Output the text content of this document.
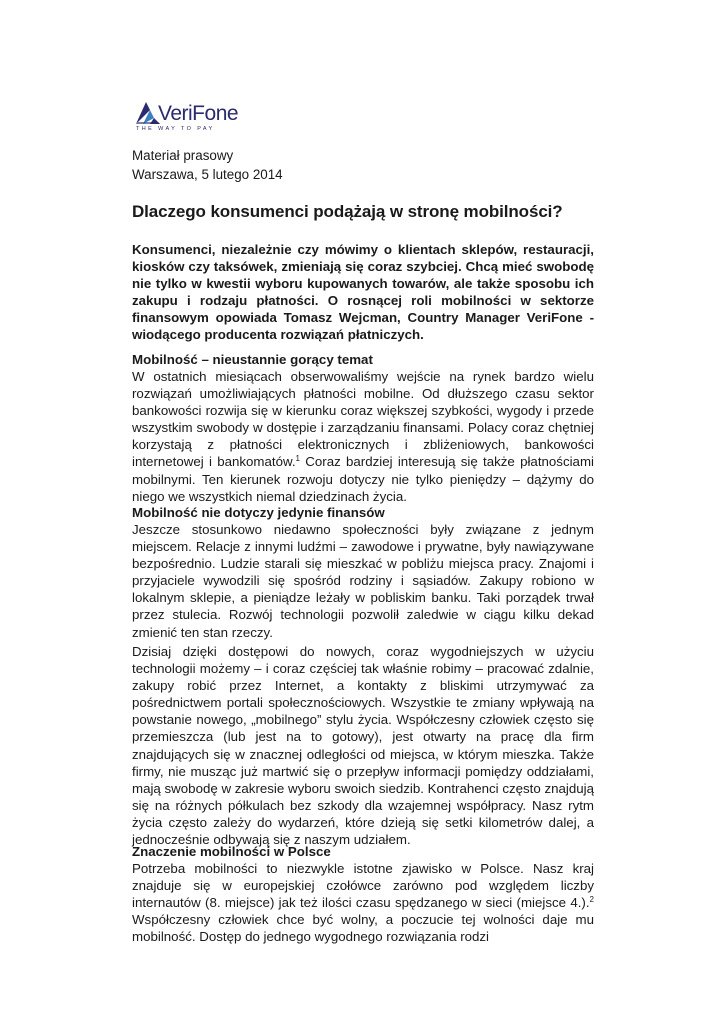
VeriFone
THE WAY TO PAY
Materiał prasowy
Warszawa, 5 lutego 2014
Dlaczego konsumenci podążają w stronę mobilności?

Konsumenci, niezależnie czy mówimy o klientach sklepów, restauracji, kiosków czy taksówek, zmieniają się coraz szybciej. Chcą mieć swobodę nie tylko w kwestii wyboru kupowanych towarów, ale także sposobu ich zakupu i rodzaju płatności. O rosnącej roli mobilności w sektorze finansowym opowiada Tomasz Wejcman, Country Manager VeriFone - wiodącego producenta rozwiązań płatniczych.

Mobilność – nieustannie gorący temat

W ostatnich miesiącach obserwowaliśmy wejście na rynek bardzo wielu rozwiązań umożliwiających płatności mobilne. Od dłuższego czasu sektor bankowości rozwija się w kierunku coraz większej szybkości, wygody i przede wszystkim swobody w dostępie i zarządzaniu finansami. Polacy coraz chętniej korzystają z płatności elektronicznych i zbliżeniowych, bankowości internetowej i bankomatów.$^1$ Coraz bardziej interesują się także płatnościami mobilnymi. Ten kierunek rozwoju dotyczy nie tylko pieniędzy – dążymy do niego we wszystkich niemal dziedzinach życia.

Mobilność nie dotyczy jedynie finansów

Jeszcze stosunkowo niedawno społeczności były związane z jednym miejscem. Relacje z innymi ludźmi – zawodowe i prywatne, były nawiązywane bezpośrednio. Ludzie starali się mieszkać w pobliżu miejsca pracy. Znajomi i przyjaciele wywodzili się spośród rodziny i sąsiadów. Zakupy robiono w lokalnym sklepie, a pieniądze leżały w pobliskim banku. Taki porządek trwał przez stulecia. Rozwój technologii pozwolił zaledwie w ciągu kilku dekad zmienić ten stan rzeczy.

Dzisiaj dzięki dostępowi do nowych, coraz wygodniejszych w użyciu technologii możemy – i coraz częściej tak właśnie robimy – pracować zdalnie, zakupy robić przez Internet, a kontakty z bliskimi utrzymywać za pośrednictwem portali społecznościowych. Wszystkie te zmiany wpływają na powstanie nowego, „mobilnego” stylu życia. Współczesny człowiek często się przemieszcza (lub jest na to gotowy), jest otwarty na pracę dla firm znajdujących się w znacznej odległości od miejsca, w którym mieszka. Także firmy, nie musząc już martwić się o przepływ informacji pomiędzy oddziałami, mają swobodę w zakresie wyboru swoich siedzib. Kontrahenci często znajdują się na różnych półkulach bez szkody dla wzajemnej współpracy. Nasz rytm życia często zależy do wydarzeń, które dzieją się setki kilometrów dalej, a jednocześnie odbywają się z naszym udziałem.

Znaczenie mobilności w Polsce

Potrzeba mobilności to niezwykle istotne zjawisko w Polsce. Nasz kraj znajduje się w europejskiej czołówce zarówno pod względem liczby internautów (8. miejsce) jak też ilości czasu spędzanego w sieci (miejsce 4.).$^2$ Współczesny człowiek chce być wolny, a poczucie tej wolności daje mu mobilność. Dostęp do jednego wygodnego rozwiązania rodzi
